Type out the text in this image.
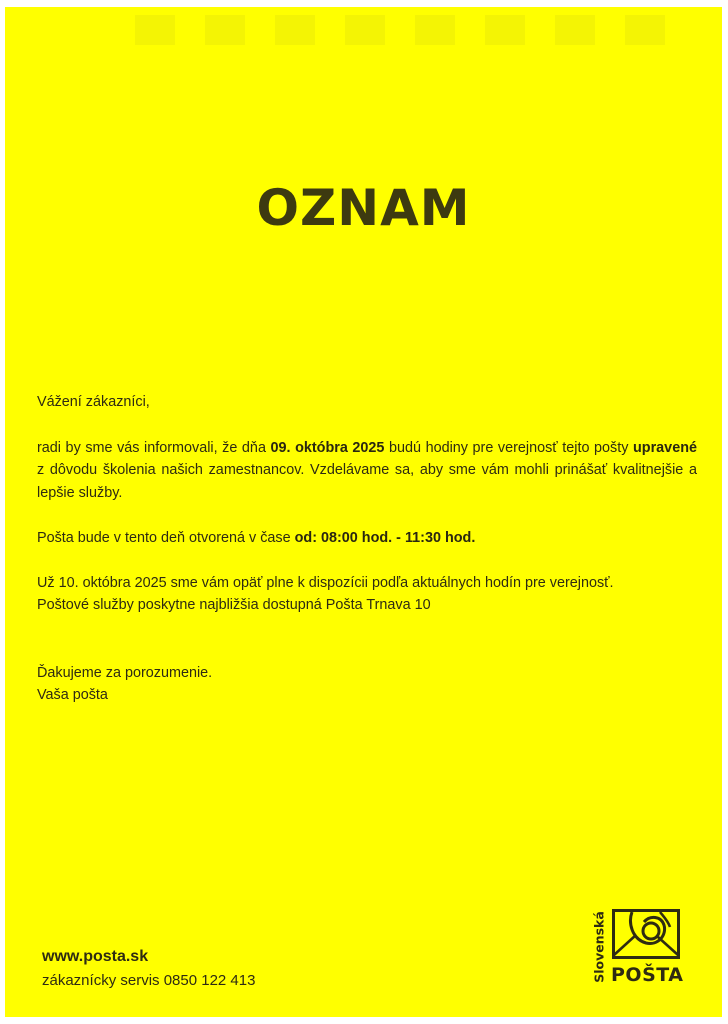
OZNAM

Vážení zákazníci,

radi by sme vás informovali, že dňa 09. októbra 2025 budú hodiny pre verejnosť tejto pošty upravené z dôvodu školenia našich zamestnancov. Vzdelávame sa, aby sme vám mohli prinášať kvalitnejšie a lepšie služby.

Pošta bude v tento deň otvorená v čase od: 08:00 hod. - 11:30 hod.

Už 10. októbra 2025 sme vám opäť plne k dispozícii podľa aktuálnych hodín pre verejnosť.

Poštové služby poskytne najbližšia dostupná Pošta Trnava 10

Ďakujeme za porozumenie.

Vaša pošta

www.posta.sk
zákaznícky servis 0850 122 413	Slovenská POŠTA
